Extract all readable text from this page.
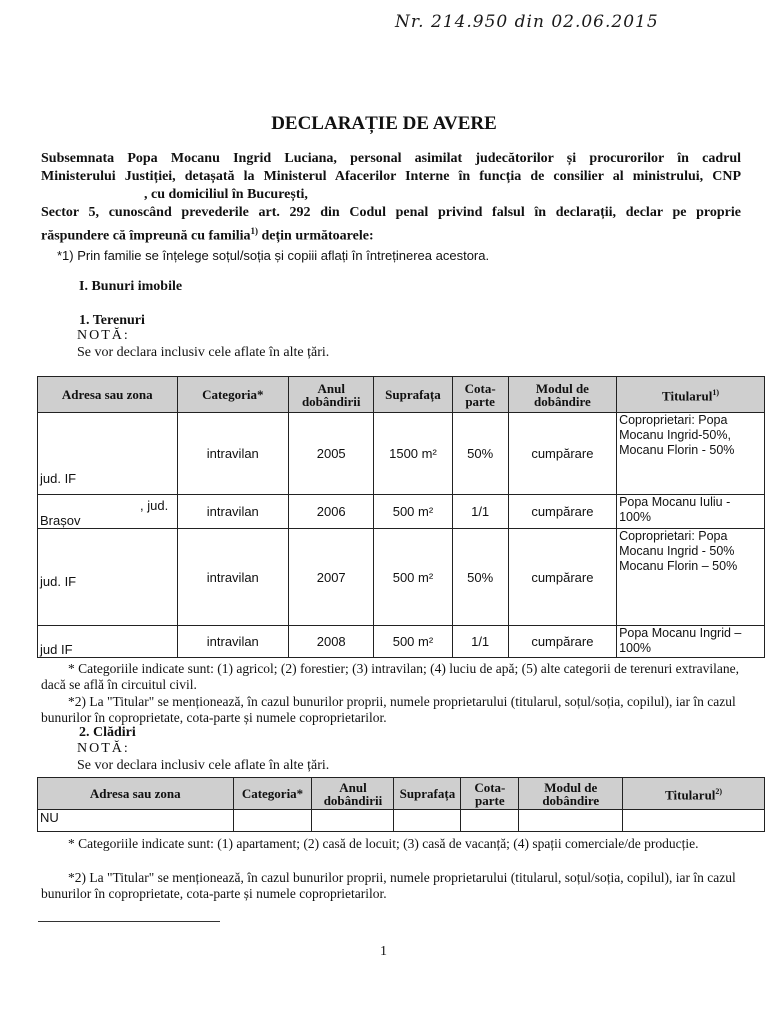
Nr. 214.950 din 02.06.2015
DECLARAȚIE DE AVERE
Subsemnata Popa Mocanu Ingrid Luciana, personal asimilat judecătorilor și procurorilor în cadrul
Ministerului Justiției, detașată la Ministerul Afacerilor Interne în funcția de consilier al ministrului, CNP
, cu domiciliul în București,
Sector 5, cunoscând prevederile art. 292 din Codul penal privind falsul în declarații, declar pe proprie
răspundere că împreună cu familia$^{1)}$ dețin următoarele:
*1) Prin familie se înțelege soțul/soția și copiii aflați în întreținerea acestora.
I. Bunuri imobile
1. Terenuri
NOTĂ:
Se vor declara inclusiv cele aflate în alte țări.
Adresa sau zona	Categoria*	Anul dobândirii	Suprafața	Cota-parte	Modul de dobândire	Titularul$^{1)}$
jud. IF	intravilan	2005	1500 m²	50%	cumpărare	Coproprietari: Popa Mocanu Ingrid-50%, Mocanu Florin - 50%

, jud.
Brașov	intravilan	2006	500 m²	1/1	cumpărare	Popa Mocanu Iuliu - 100%
jud. IF	intravilan	2007	500 m²	50%	cumpărare	Coproprietari: Popa Mocanu Ingrid - 50% Mocanu Florin – 50%
jud IF	intravilan	2008	500 m²	1/1	cumpărare	Popa Mocanu Ingrid – 100%
* Categoriile indicate sunt: (1) agricol; (2) forestier; (3) intravilan; (4) luciu de apă; (5) alte categorii de terenuri extravilane, dacă se află în circuitul civil.
*2) La "Titular" se menționează, în cazul bunurilor proprii, numele proprietarului (titularul, soțul/soția, copilul), iar în cazul bunurilor în coproprietate, cota-parte și numele coproprietarilor.
2. Clădiri
NOTĂ:
Se vor declara inclusiv cele aflate în alte țări.
Adresa sau zona	Categoria*	Anul dobândirii	Suprafața	Cota-parte	Modul de dobândire	Titularul$^{2)}$
NU						
* Categoriile indicate sunt: (1) apartament; (2) casă de locuit; (3) casă de vacanță; (4) spații comerciale/de producție.
*2) La "Titular" se menționează, în cazul bunurilor proprii, numele proprietarului (titularul, soțul/soția, copilul), iar în cazul bunurilor în coproprietate, cota-parte și numele coproprietarilor.
1
